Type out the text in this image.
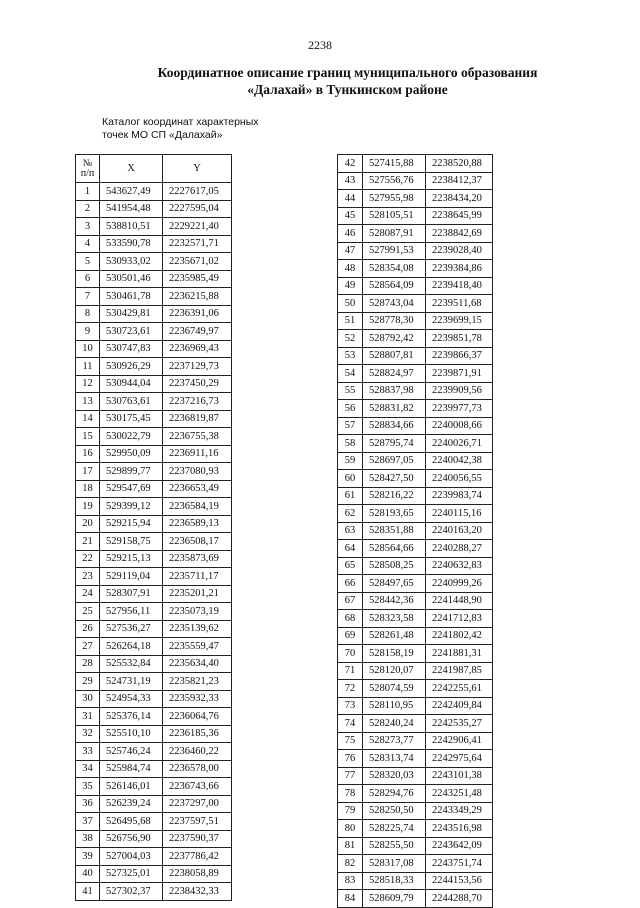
2238
Координатное описание границ муниципального образования
«Далахай» в Тункинском районе
Каталог координат характерных
точек МО СП «Далахай»
№
п/п	X	Y
1	543627,49	2227617,05
2	541954,48	2227595,04
3	538810,51	2229221,40
4	533590,78	2232571,71
5	530933,02	2235671,02
6	530501,46	2235985,49
7	530461,78	2236215,88
8	530429,81	2236391,06
9	530723,61	2236749,97
10	530747,83	2236969,43
11	530926,29	2237129,73
12	530944,04	2237450,29
13	530763,61	2237216,73
14	530175,45	2236819,87
15	530022,79	2236755,38
16	529950,09	2236911,16
17	529899,77	2237080,93
18	529547,69	2236653,49
19	529399,12	2236584,19
20	529215,94	2236589,13
21	529158,75	2236508,17
22	529215,13	2235873,69
23	529119,04	2235711,17
24	528307,91	2235201,21
25	527956,11	2235073,19
26	527536,27	2235139,62
27	526264,18	2235559,47
28	525532,84	2235634,40
29	524731,19	2235821,23
30	524954,33	2235932,33
31	525376,14	2236064,76
32	525510,10	2236185,36
33	525746,24	2236460,22
34	525984,74	2236578,00
35	526146,01	2236743,66
36	526239,24	2237297,00
37	526495,68	2237597,51
38	526756,90	2237590,37
39	527004,03	2237786,42
40	527325,01	2238058,89
41	527302,37	2238432,33
42	527415,88	2238520,88
43	527556,76	2238412,37
44	527955,98	2238434,20
45	528105,51	2238645,99
46	528087,91	2238842,69
47	527991,53	2239028,40
48	528354,08	2239384,86
49	528564,09	2239418,40
50	528743,04	2239511,68
51	528778,30	2239699,15
52	528792,42	2239851,78
53	528807,81	2239866,37
54	528824,97	2239871,91
55	528837,98	2239909,56
56	528831,82	2239977,73
57	528834,66	2240008,66
58	528795,74	2240026,71
59	528697,05	2240042,38
60	528427,50	2240056,55
61	528216,22	2239983,74
62	528193,65	2240115,16
63	528351,88	2240163,20
64	528564,66	2240288,27
65	528508,25	2240632,83
66	528497,65	2240999,26
67	528442,36	2241448,90
68	528323,58	2241712,83
69	528261,48	2241802,42
70	528158,19	2241881,31
71	528120,07	2241987,85
72	528074,59	2242255,61
73	528110,95	2242409,84
74	528240,24	2242535,27
75	528273,77	2242906,41
76	528313,74	2242975,64
77	528320,03	2243101,38
78	528294,76	2243251,48
79	528250,50	2243349,29
80	528225,74	2243516,98
81	528255,50	2243642,09
82	528317,08	2243751,74
83	528518,33	2244153,56
84	528609,79	2244288,70
